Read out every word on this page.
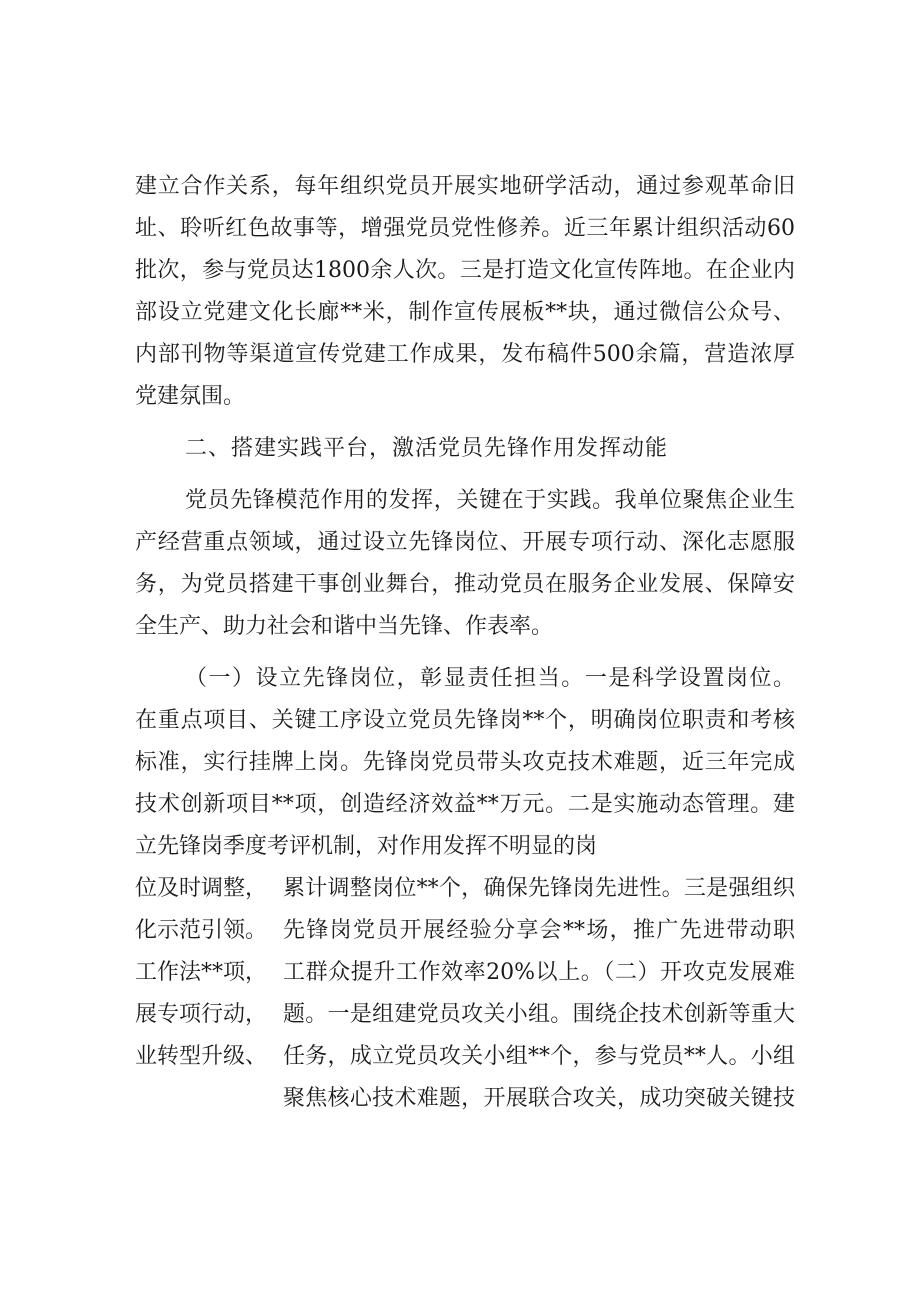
建立合作关系，每年组织党员开展实地研学活动，通过参观革命旧
址、聆听红色故事等，增强党员党性修养。近三年累计组织活动60
批次，参与党员达1800余人次。三是打造文化宣传阵地。在企业内
部设立党建文化长廊**米，制作宣传展板**块，通过微信公众号、
内部刊物等渠道宣传党建工作成果，发布稿件500余篇，营造浓厚
党建氛围。
二、搭建实践平台，激活党员先锋作用发挥动能
党员先锋模范作用的发挥，关键在于实践。我单位聚焦企业生
产经营重点领域，通过设立先锋岗位、开展专项行动、深化志愿服
务，为党员搭建干事创业舞台，推动党员在服务企业发展、保障安
全生产、助力社会和谐中当先锋、作表率。
（一）设立先锋岗位，彰显责任担当。一是科学设置岗位。
在重点项目、关键工序设立党员先锋岗**个，明确岗位职责和考核
标准，实行挂牌上岗。先锋岗党员带头攻克技术难题，近三年完成
技术创新项目**项，创造经济效益**万元。二是实施动态管理。建
立先锋岗季度考评机制，对作用发挥不明显的岗
位及时调整，
化示范引领。
工作法**项，
展专项行动，
业转型升级、
累计调整岗位**个，确保先锋岗先进性。三是强组织
先锋岗党员开展经验分享会**场，推广先进带动职
工群众提升工作效率20%以上。（二）开攻克发展难
题。一是组建党员攻关小组。围绕企技术创新等重大
任务，成立党员攻关小组**个，参与党员**人。小组
聚焦核心技术难题，开展联合攻关，成功突破关键技
